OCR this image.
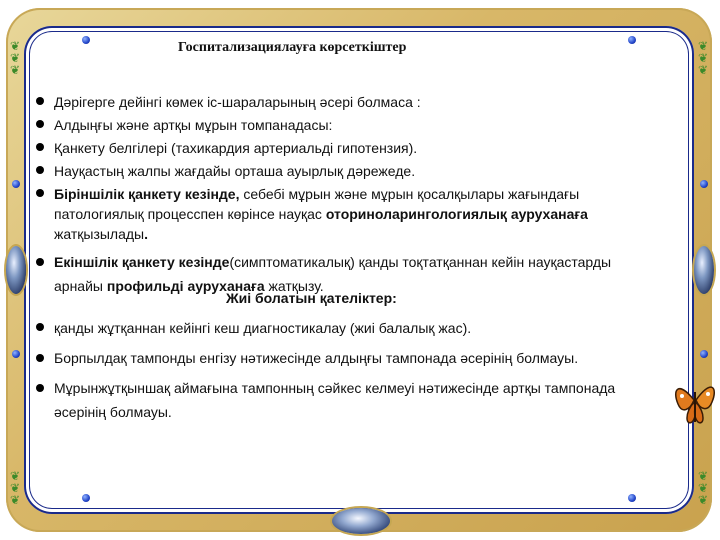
❦
❦
❦
❦
❦
❦
❦
❦
❦
❦
❦
❦
Госпитализациялауға көрсеткіштер
Дәрігерге дейінгі көмек іс-шараларының әсері болмаса :
Алдыңғы және артқы мұрын томпанадасы:
Қанкету белгілері (тахикардия артериальді гипотензия).
Науқастың жалпы жағдайы орташа ауырлық дәрежеде.
Біріншілік қанкету кезінде, себебі мұрын және мұрын қосалқылары жағындағы патологиялық процесспен көрінсе науқас оториноларингологиялық ауруханаға жатқызылады.
Екіншілік қанкету кезінде(симптоматикалық) қанды тоқтатқаннан кейін науқастарды арнайы профильді ауруханаға жатқызу.
Жиі болатын қателіктер:
қанды жұтқаннан кейінгі кеш диагностикалау (жиі балалық жас).
Борпылдақ тампонды енгізу нәтижесінде алдыңғы тампонада әсерінің болмауы.
Мұрынжұтқыншақ аймағына тампонның сәйкес келмеуі нәтижесінде артқы тампонада әсерінің болмауы.
